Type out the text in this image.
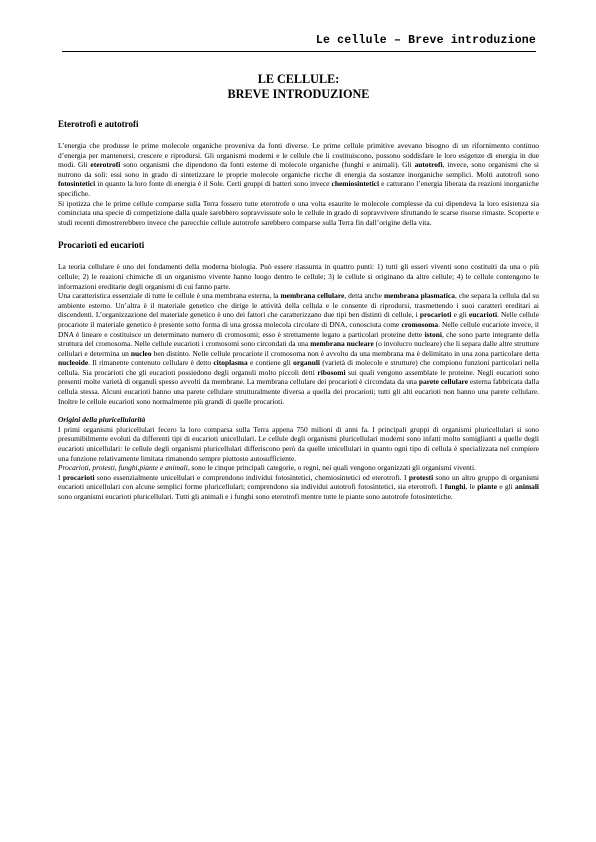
Le cellule – Breve introduzione
LE CELLULE:
BREVE INTRODUZIONE
Eterotrofi e autotrofi

L’energia che produsse le prime molecole organiche proveniva da fonti diverse. Le prime cellule primitive avevano bisogno di un rifornimento continuo d’energia per mantenersi, crescere e riprodursi. Gli organismi moderni e le cellule che li costituiscono, possono soddisfare le loro esigenze di energia in due modi. Gli eterotrofi sono organismi che dipendono da fonti esterne di molecole organiche (funghi e animali). Gli autotrofi, invece, sono organismi che si nutrono da soli: essi sono in grado di sintetizzare le proprie molecole organiche ricche di energia da sostanze inorganiche semplici. Molti autotrofi sono fotosintetici in quanto la loro fonte di energia è il Sole. Certi gruppi di batteri sono invece chemiosintetici e catturano l’energia liberata da reazioni inorganiche specifiche.

Si ipotizza che le prime cellule comparse sulla Terra fossero tutte eterotrofe e una volta esaurite le molecole complesse da cui dipendeva la loro esistenza sia cominciata una specie di competizione dalla quale sarebbero sopravvissute solo le cellule in grado di sopravvivere sfruttando le scarse risorse rimaste. Scoperte e studi recenti dimostrerebbero invece che parecchie cellule autotrofe sarebbero comparse sulla Terra fin dall’origine della vita.

Procarioti ed eucarioti

La teoria cellulare è uno dei fondamenti della moderna biologia. Può essere riassunta in quattro punti: 1) tutti gli esseri viventi sono costituiti da una o più cellule; 2) le reazioni chimiche di un organismo vivente hanno luogo dentro le cellule; 3) le cellule si originano da altre cellule; 4) le cellule contengono le informazioni ereditarie degli organismi di cui fanno parte.

Una caratteristica essenziale di tutte le cellule è una membrana esterna, la membrana cellulare, detta anche membrana plasmatica, che separa la cellula dal su ambiente esterno. Un’altra è il materiale genetico che dirige le attività della cellula e le consente di riprodursi, trasmettendo i suoi caratteri ereditari ai discendenti. L’organizzazione del materiale genetico è uno dei fattori che caratterizzano due tipi ben distinti di cellule, i procarioti e gli eucarioti. Nelle cellule procariote il materiale genetico è presente sotto forma di una grossa molecola circolare di DNA, conosciuta come cromosoma. Nelle cellule eucariote invece, il DNA è lineare e costituisce un determinato numero di cromosomi; esso è strettamente legato a particolari proteine dette istoni, che sono parte integrante della struttura del cromosoma. Nelle cellule eucarioti i cromosomi sono circondati da una membrana nucleare (o involucro nucleare) che li separa dalle altre strutture cellulari e determina un nucleo ben distinto. Nelle cellule procariote il cromosoma non è avvolto da una membrana ma è delimitato in una zona particolare detta nucleoide. Il rimanente contenuto cellulare è detto citoplasma e contiene gli organuli (varietà di molecole e strutture) che compiono funzioni particolari nella cellula. Sia procarioti che gli eucarioti possiedono degli organuli molto piccoli detti ribosomi sui quali vengono assemblate le proteine. Negli eucarioti sono presenti molte varietà di organuli spesso avvolti da membrane. La membrana cellulare dei procarioti è circondata da una parete cellulare esterna fabbricata dalla cellula stessa. Alcuni eucarioti hanno una parete cellulare strutturalmente diversa a quella dei procarioti; tutti gli alti eucarioti non hanno una parete cellulare. Inoltre le cellule eucarioti sono normalmente più grandi di quelle procarioti.

Origini della pluricellularità

I primi organismi pluricellulari fecero la loro comparsa sulla Terra appena 750 milioni di anni fa. I principali gruppi di organismi pluricellulari si sono presumibilmente evoluti da differenti tipi di eucarioti unicellulari. Le cellule degli organismi pluricellulari moderni sono infatti molto somiglianti a quelle degli eucarioti unicellulari: le cellule degli organismi pluricellulari differiscono però da quelle unicellulari in quanto ogni tipo di cellula è specializzata nel compiere una funzione relativamente limitata rimanendo sempre piuttosto autosufficiente.

Procarioti, protesti, funghi,piante e animali, sono le cinque principali categorie, o regni, nei quali vengono organizzati gli organismi viventi.

I procarioti sono essenzialmente unicellulari e comprendono individui fotosintetici, chemiosintetici ed eterotrofi. I protesti sono un altro gruppo di organismi eucarioti unicellulari con alcune semplici forme pluricellulari; comprendono sia individui autotrofi fotosintetici, sia eterotrofi. I funghi, le piante e gli animali sono organismi eucarioti pluricellulari. Tutti gli animali e i funghi sono eterotrofi mentre tutte le piante sono autotrofe fotosintetiche.
